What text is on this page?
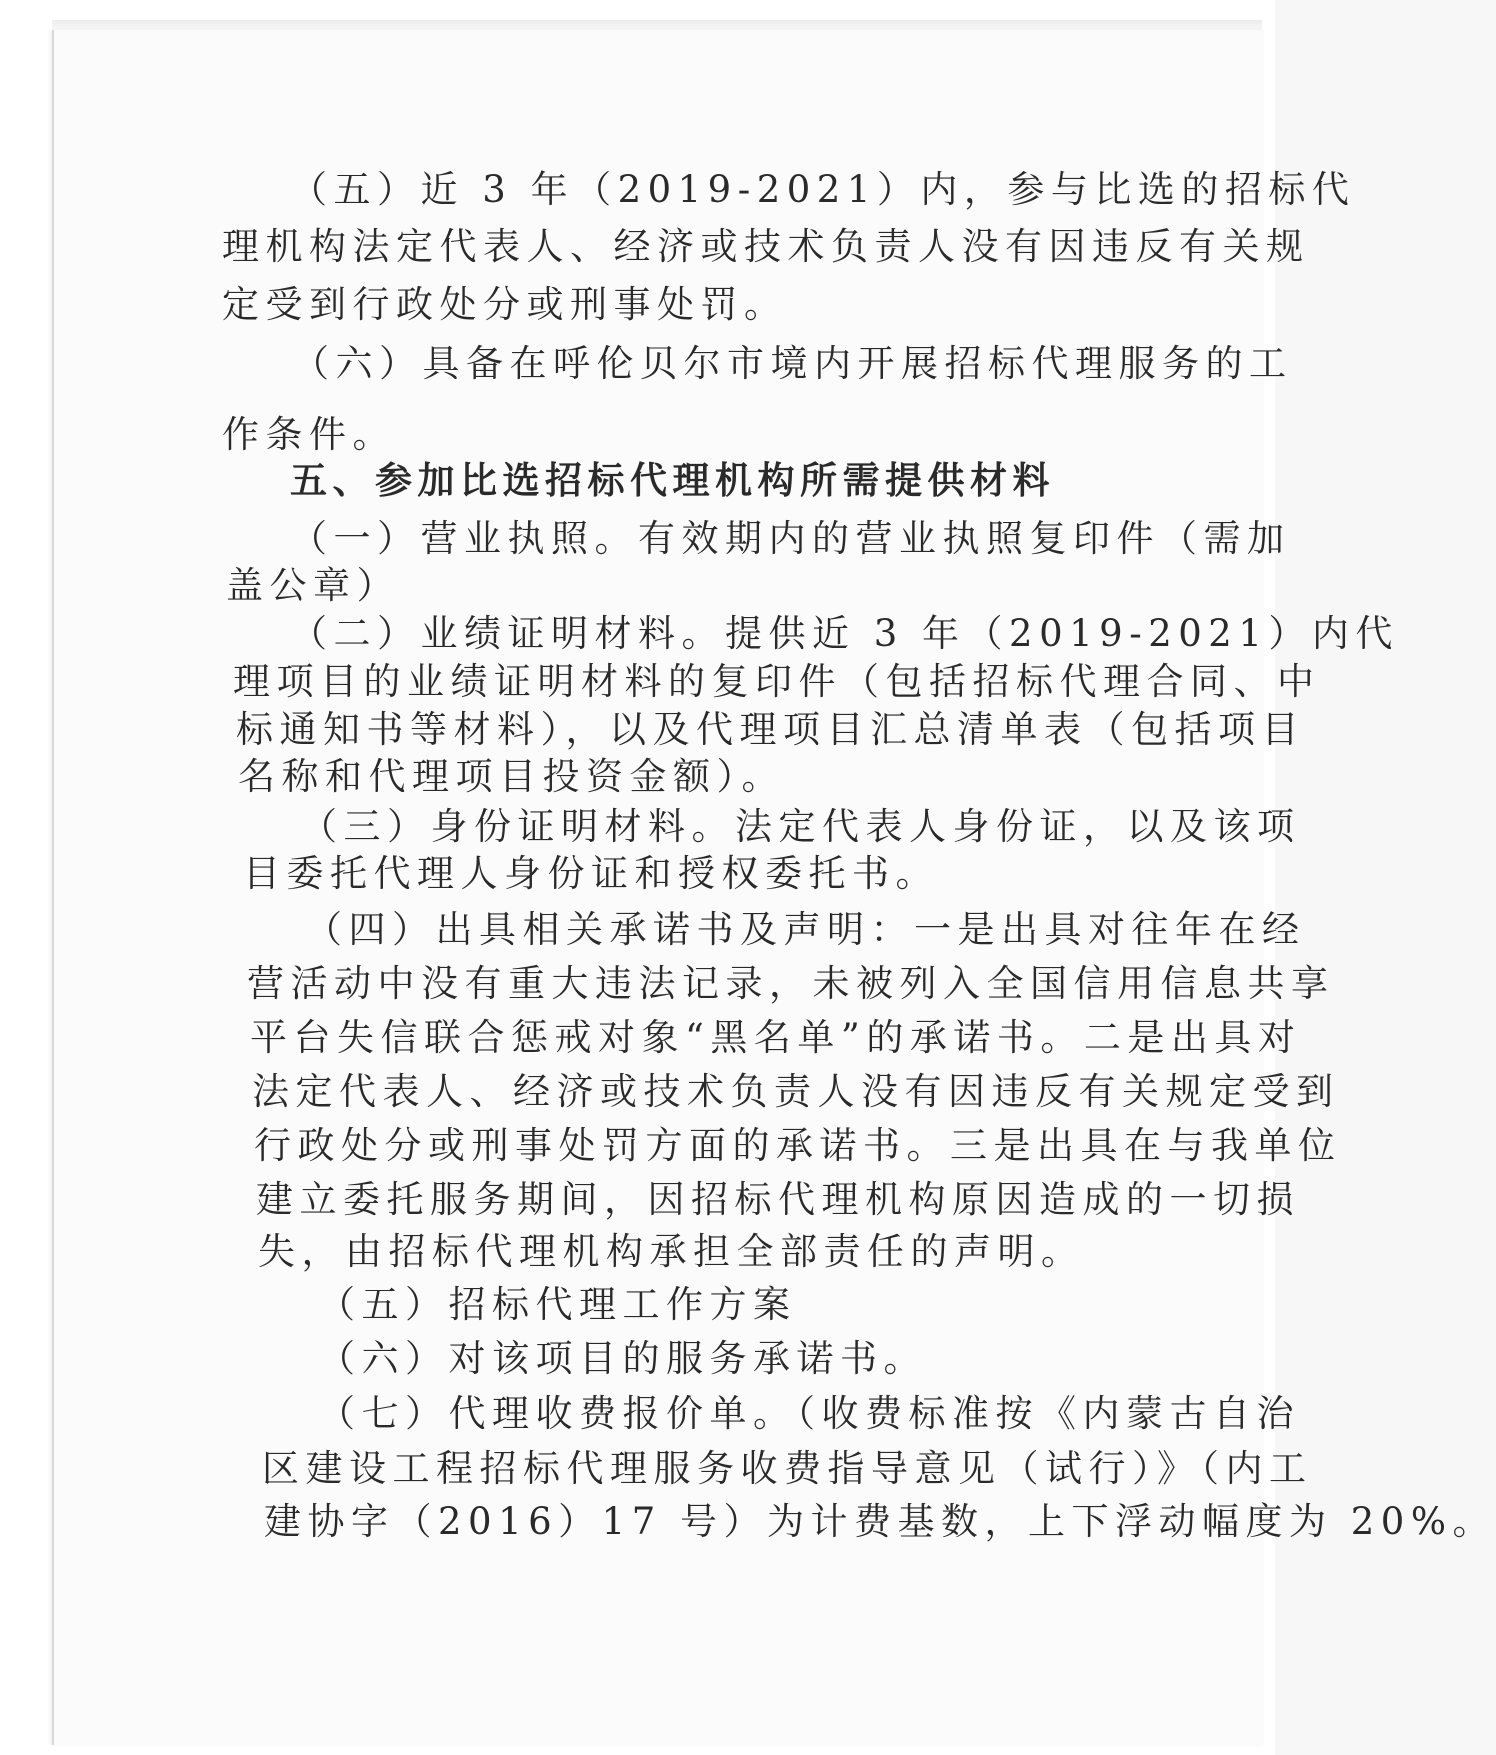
（五）近 3 年（2019-2021）内，参与比选的招标代
理机构法定代表人、经济或技术负责人没有因违反有关规
定受到行政处分或刑事处罚。
（六）具备在呼伦贝尔市境内开展招标代理服务的工
作条件。
五、参加比选招标代理机构所需提供材料
（一）营业执照。有效期内的营业执照复印件（需加
盖公章）
（二）业绩证明材料。提供近 3 年（2019-2021）内代
理项目的业绩证明材料的复印件（包括招标代理合同、中
标通知书等材料），以及代理项目汇总清单表（包括项目
名称和代理项目投资金额）。
（三）身份证明材料。法定代表人身份证，以及该项
目委托代理人身份证和授权委托书。
（四）出具相关承诺书及声明：一是出具对往年在经
营活动中没有重大违法记录，未被列入全国信用信息共享
平台失信联合惩戒对象“黑名单”的承诺书。二是出具对
法定代表人、经济或技术负责人没有因违反有关规定受到
行政处分或刑事处罚方面的承诺书。三是出具在与我单位
建立委托服务期间，因招标代理机构原因造成的一切损
失，由招标代理机构承担全部责任的声明。
（五）招标代理工作方案
（六）对该项目的服务承诺书。
（七）代理收费报价单。（收费标准按《内蒙古自治
区建设工程招标代理服务收费指导意见（试行）》（内工
建协字（2016）17 号）为计费基数，上下浮动幅度为 20%。
